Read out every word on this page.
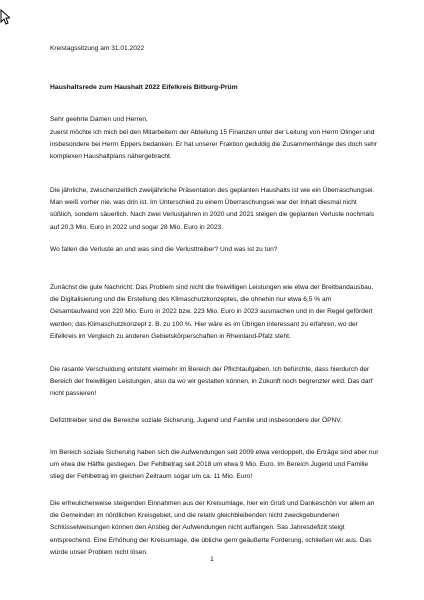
Kreistagssitzung am 31.01.2022

Haushaltsrede zum Haushalt 2022 Eifelkreis Bitburg-Prüm

Sehr geehrte Damen und Herren,

zuerst möchte ich mich bei den Mitarbeitern der Abteilung 15 Finanzen unter der Leitung von Herrn Olinger und insbesondere bei Herrn Eppers bedanken. Er hat unserer Fraktion geduldig die Zusammenhänge des doch sehr komplexen Haushaltplans nähergebracht.

Die jährliche, zwischenzeitlich zweijährliche Präsentation des geplanten Haushalts ist wie ein Überraschungsei. Man weiß vorher nie, was drin ist. Im Unterschied zu einem Überraschungsei war der Inhalt diesmal nicht süßlich, sondern säuerlich. Nach zwei Verlustjahren in 2020 und 2021 steigen die geplanten Verluste nochmals auf 20,3 Mio. Euro in 2022 und sogar 28 Mio. Euro in 2023.

Wo fallen die Verluste an und was sind die Verlusttreiber? Und was ist zu tun?

Zunächst die gute Nachricht: Das Problem sind nicht die freiwilligen Leistungen wie etwa der Breitbandausbau, die Digitalisierung und die Erstellung des Klimaschutzkonzeptes, die ohnehin nur etwa 6,5 % am Gesamtaufwand von 220 Mio. Euro in 2022 bzw. 223 Mio. Euro in 2023 ausmachen und in der Regel gefördert werden; das Klimaschutzkonzept z. B. zu 100 %. Hier wäre es im Übrigen interessant zu erfahren, wo der Eifelkreis im Vergleich zu anderen Gebietskörperschaften in Rheinland-Pfalz steht.

Die rasante Verschuldung entsteht vielmehr im Bereich der Pflichtaufgaben. Ich befürchte, dass hierdurch der Bereich der freiwilligen Leistungen, also da wo wir gestalten können, in Zukunft noch begrenzter wird. Das darf nicht passieren!

Defizittreiber sind die Bereiche soziale Sicherung, Jugend und Familie und insbesondere der ÖPNV.

Im Bereich soziale Sicherung haben sich die Aufwendungen seit 2009 etwa verdoppelt, die Erträge sind aber nur um etwa die Hälfte gestiegen. Der Fehlbetrag seit 2018 um etwa 9 Mio. Euro. Im Bereich Jugend und Familie stieg der Fehlbetrag im gleichen Zeitraum sogar um ca. 11 Mio. Euro!

Die erfreulicherweise steigenden Einnahmen aus der Kreisumlage, hier ein Gruß und Dankeschön vor allem an die Gemeinden im nördlichen Kreisgebiet, und die relativ gleichbleibenden nicht zweckgebundenen Schlüsselweisungen können den Anstieg der Aufwendungen nicht auffangen. Sas Jahresdefizit steigt entsprechend. Eine Erhöhung der Kreisumlage, die übliche gern geäußerte Forderung, schließen wir aus. Das würde unser Problem nicht lösen.

1
